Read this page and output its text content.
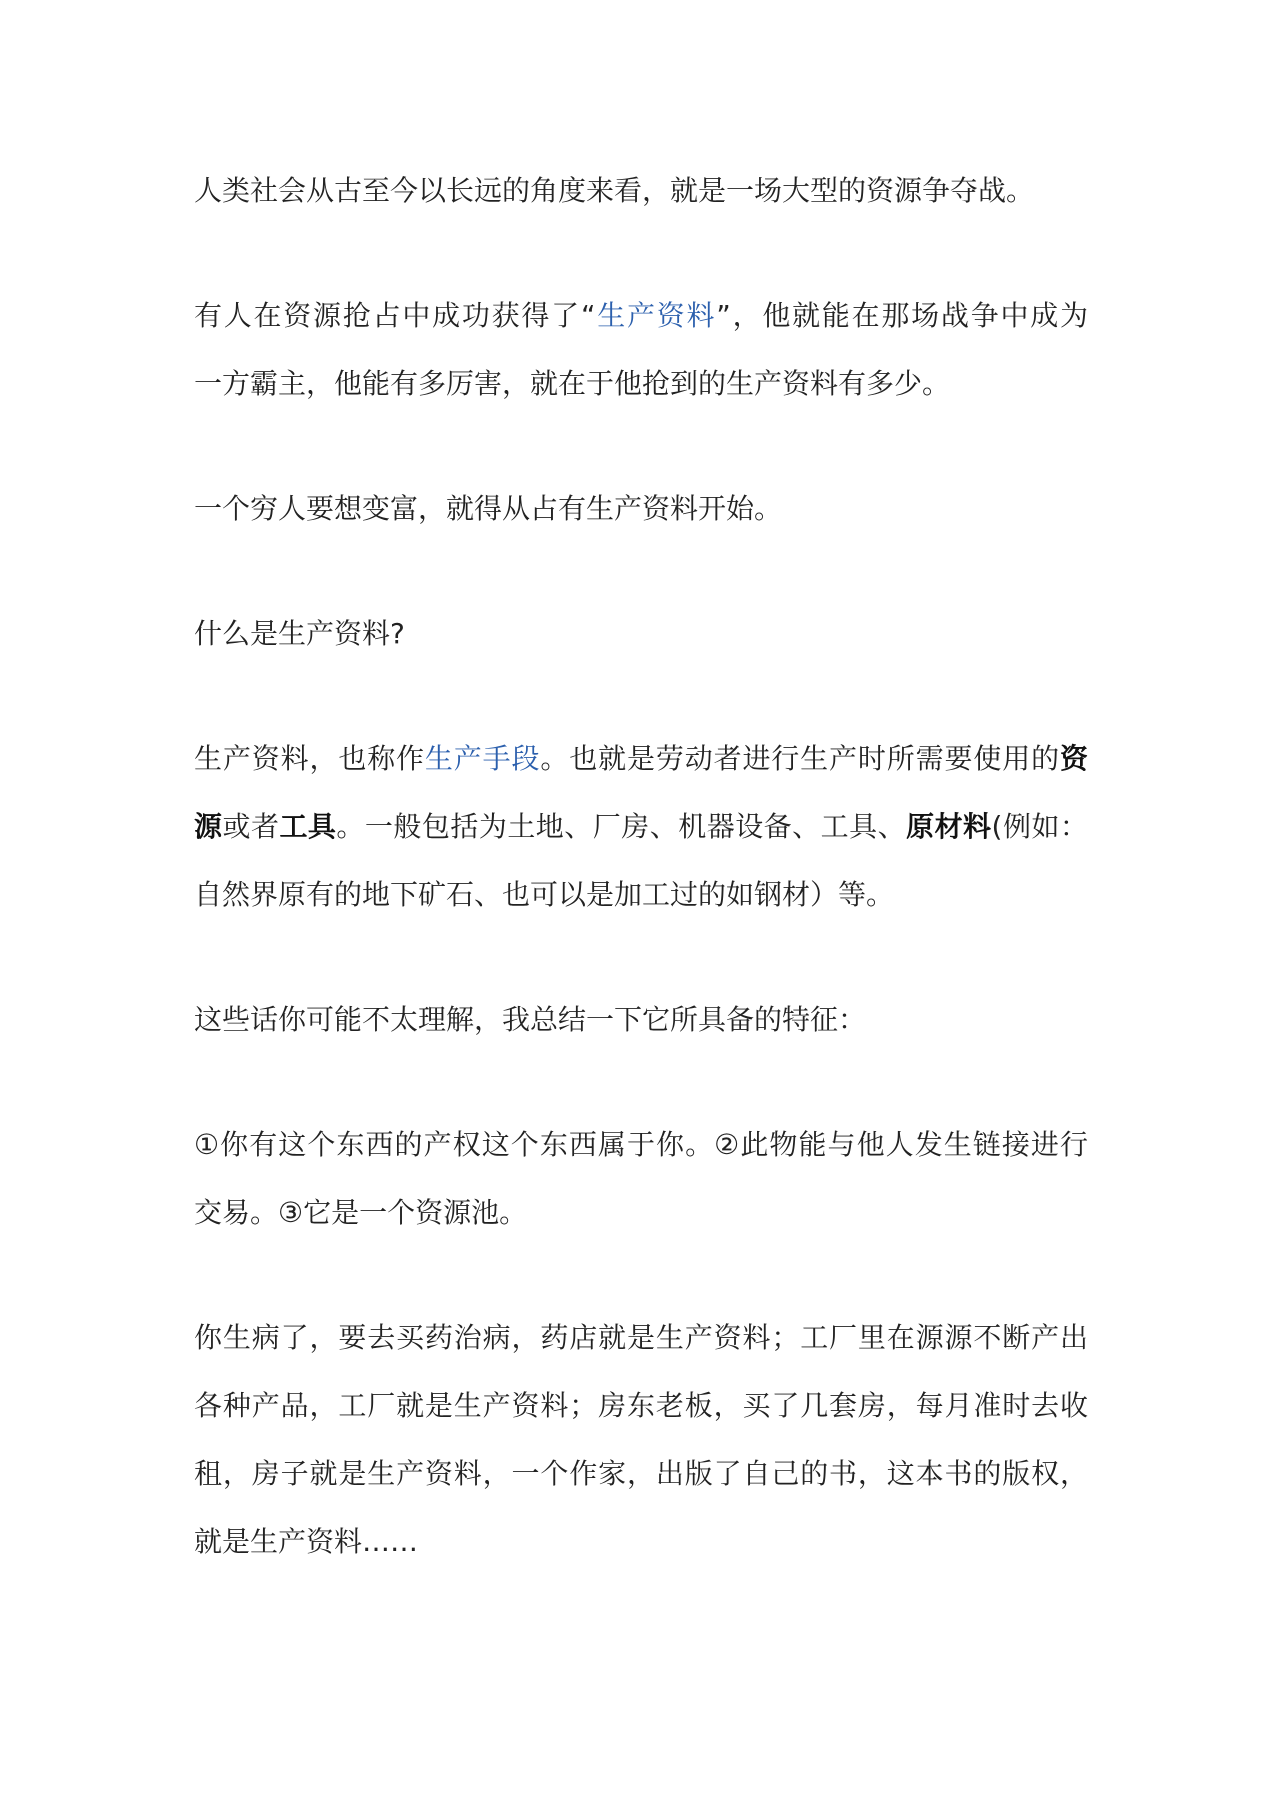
人类社会从古至今以长远的角度来看，就是一场大型的资源争夺战。
有人在资源抢占中成功获得了“生产资料”，他就能在那场战争中成为
一方霸主，他能有多厉害，就在于他抢到的生产资料有多少。
一个穷人要想变富，就得从占有生产资料开始。
什么是生产资料?
生产资料，也称作生产手段。也就是劳动者进行生产时所需要使用的资
源或者工具。一般包括为土地、厂房、机器设备、工具、原材料(例如：
自然界原有的地下矿石、也可以是加工过的如钢材）等。
这些话你可能不太理解，我总结一下它所具备的特征：
①你有这个东西的产权这个东西属于你。②此物能与他人发生链接进行
交易。③它是一个资源池。
你生病了，要去买药治病，药店就是生产资料；工厂里在源源不断产出
各种产品，工厂就是生产资料；房东老板，买了几套房，每月准时去收
租，房子就是生产资料，一个作家，出版了自己的书，这本书的版权，
就是生产资料……
